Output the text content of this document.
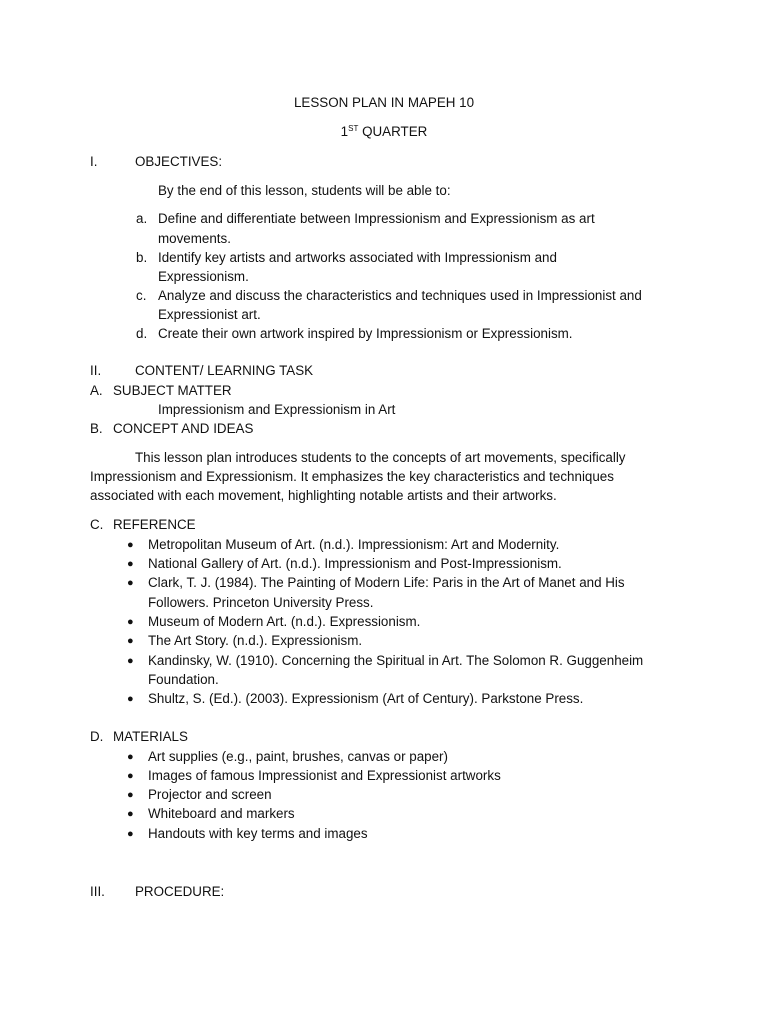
LESSON PLAN IN MAPEH 10
1ST QUARTER
I.	OBJECTIVES:
By the end of this lesson, students will be able to:
a. Define and differentiate between Impressionism and Expressionism as art
movements.
b. Identify key artists and artworks associated with Impressionism and
Expressionism.
c. Analyze and discuss the characteristics and techniques used in Impressionist and
Expressionist art.
d. Create their own artwork inspired by Impressionism or Expressionism.
II.	CONTENT/ LEARNING TASK
A. SUBJECT MATTER
Impressionism and Expressionism in Art
B. CONCEPT AND IDEAS
This lesson plan introduces students to the concepts of art movements, specifically
Impressionism and Expressionism. It emphasizes the key characteristics and techniques
associated with each movement, highlighting notable artists and their artworks.
C. REFERENCE
● Metropolitan Museum of Art. (n.d.). Impressionism: Art and Modernity.
● National Gallery of Art. (n.d.). Impressionism and Post-Impressionism.
● Clark, T. J. (1984). The Painting of Modern Life: Paris in the Art of Manet and His
Followers. Princeton University Press.
● Museum of Modern Art. (n.d.). Expressionism.
● The Art Story. (n.d.). Expressionism.
● Kandinsky, W. (1910). Concerning the Spiritual in Art. The Solomon R. Guggenheim
Foundation.
● Shultz, S. (Ed.). (2003). Expressionism (Art of Century). Parkstone Press.
D. MATERIALS
● Art supplies (e.g., paint, brushes, canvas or paper)
● Images of famous Impressionist and Expressionist artworks
● Projector and screen
● Whiteboard and markers
● Handouts with key terms and images
III. PROCEDURE:
